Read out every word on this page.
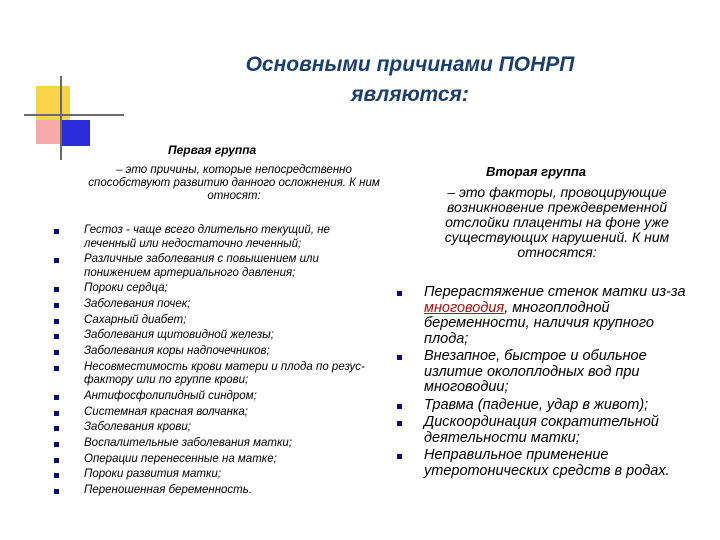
Основными причинами ПОНРП являются:
Первая группа
– это причины, которые непосредственно способствуют развитию данного осложнения. К ним относят:
Гестоз - чаще всего длительно текущий, не леченный или недостаточно леченный;
Различные заболевания с повышением или понижением артериального давления;
Пороки сердца;
Заболевания почек;
Сахарный диабет;
Заболевания щитовидной железы;
Заболевания коры надпочечников;
Несовместимость крови матери и плода по резус-фактору или по группе крови;
Антифосфолипидный синдром;
Системная красная волчанка;
Заболевания крови;
Воспалительные заболевания матки;
Операции перенесенные на матке;
Пороки развития матки;
Переношенная беременность.
Вторая группа
– это факторы, провоцирующие возникновение преждевременной отслойки плаценты на фоне уже существующих нарушений. К ним относятся:
Перерастяжение стенок матки из-за многоводия, многоплодной беременности, наличия крупного плода;
Внезапное, быстрое и обильное излитие околоплодных вод при многоводии;
Травма (падение, удар в живот);
Дискоординация сократительной деятельности матки;
Неправильное применение утеротонических средств в родах.
